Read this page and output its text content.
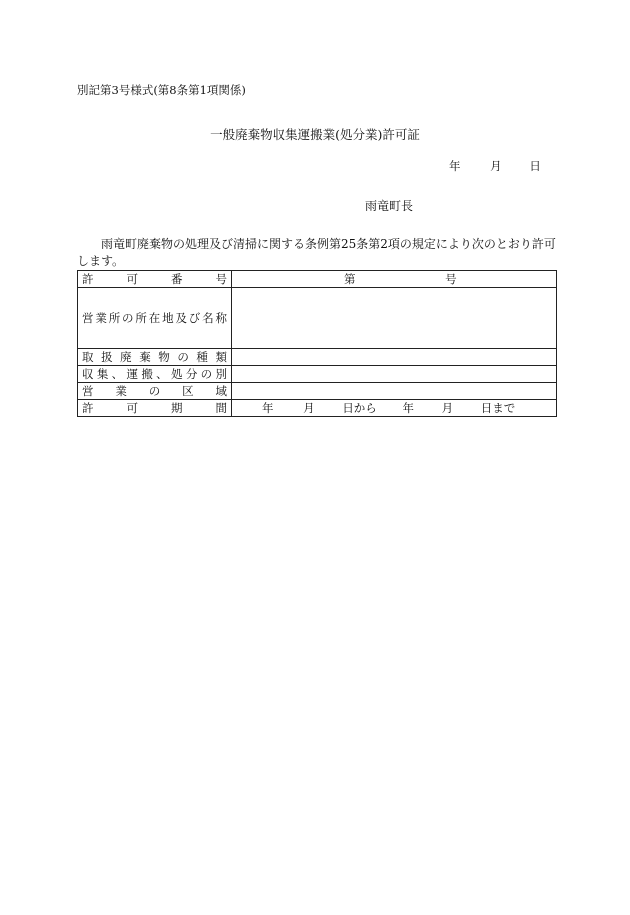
別記第3号様式(第8条第1項関係)
一般廃棄物収集運搬業(処分業)許可証
年	月 日
雨竜町長
雨竜町廃棄物の処理及び清掃に関する条例第25条第2項の規定により次のとおり許可します。
許可番号	第 号
営業所の所在地及び名称	
取扱廃棄物の種類	
収集、運搬、処分の別	
営業の区域	
許可期間	年 月 日から 年 月 日まで
